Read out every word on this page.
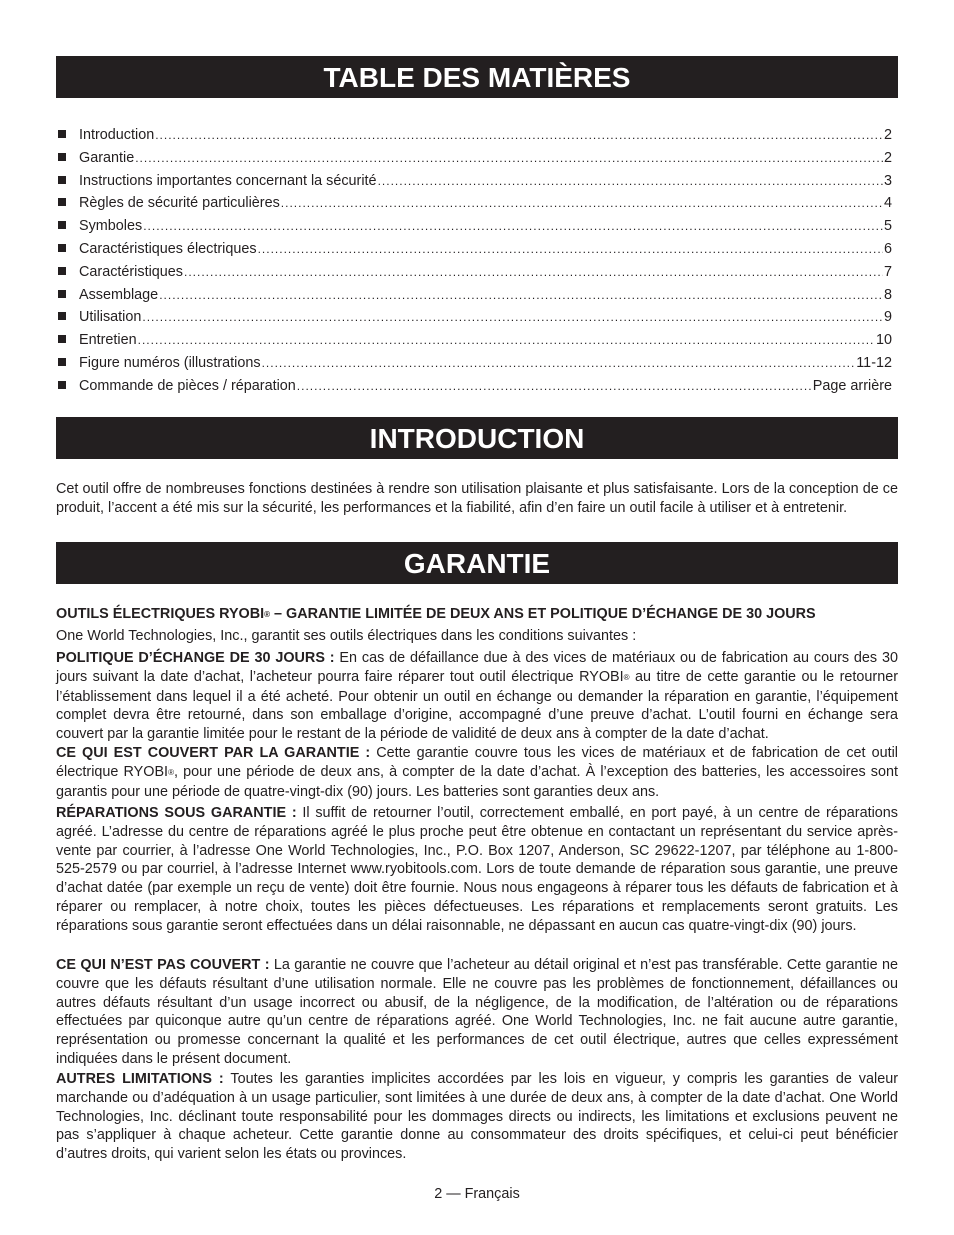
TABLE DES MATIÈRES
Introduction .....	2
Garantie .....	2
Instructions importantes concernant la sécurité .....	3
Règles de sécurité particulières .....	4
Symboles .....	5
Caractéristiques électriques .....	6
Caractéristiques .....	7
Assemblage .....	8
Utilisation .....	9
Entretien .....	10
Figure numéros (illustrations .....	11-12
Commande de pièces / réparation .....	Page arrière
INTRODUCTION

Cet outil offre de nombreuses fonctions destinées à rendre son utilisation plaisante et plus satisfaisante. Lors de la conception de ce produit, l’accent a été mis sur la sécurité, les performances et la fiabilité, afin d’en faire un outil facile à utiliser et à entretenir.

GARANTIE

OUTILS ÉLECTRIQUES RYOBI® – GARANTIE LIMITÉE DE DEUX ANS ET POLITIQUE D’ÉCHANGE DE 30 JOURS

One World Technologies, Inc., garantit ses outils électriques dans les conditions suivantes :

POLITIQUE D’ÉCHANGE DE 30 JOURS : En cas de défaillance due à des vices de matériaux ou de fabrication au cours des 30 jours suivant la date d’achat, l’acheteur pourra faire réparer tout outil électrique RYOBI® au titre de cette garantie ou le retourner l’établissement dans lequel il a été acheté. Pour obtenir un outil en échange ou demander la réparation en garantie, l’équipement complet devra être retourné, dans son emballage d’origine, accompagné d’une preuve d’achat. L’outil fourni en échange sera couvert par la garantie limitée pour le restant de la période de validité de deux ans à compter de la date d’achat.

CE QUI EST COUVERT PAR LA GARANTIE : Cette garantie couvre tous les vices de matériaux et de fabrication de cet outil électrique RYOBI®, pour une période de deux ans, à compter de la date d’achat. À l’exception des batteries, les accessoires sont garantis pour une période de quatre-vingt-dix (90) jours. Les batteries sont garanties deux ans.

RÉPARATIONS SOUS GARANTIE : Il suffit de retourner l’outil, correctement emballé, en port payé, à un centre de réparations agréé. L’adresse du centre de réparations agréé le plus proche peut être obtenue en contactant un représentant du service après-vente par courrier, à l’adresse One World Technologies, Inc., P.O. Box 1207, Anderson, SC 29622-1207, par téléphone au 1-800-525-2579 ou par courriel, à l’adresse Internet www.ryobitools.com. Lors de toute demande de réparation sous garantie, une preuve d’achat datée (par exemple un reçu de vente) doit être fournie. Nous nous engageons à réparer tous les défauts de fabrication et à réparer ou remplacer, à notre choix, toutes les pièces défectueuses. Les réparations et remplacements seront gratuits. Les réparations sous garantie seront effectuées dans un délai raisonnable, ne dépassant en aucun cas quatre-vingt-dix (90) jours.

CE QUI N’EST PAS COUVERT : La garantie ne couvre que l’acheteur au détail original et n’est pas transférable. Cette garantie ne couvre que les défauts résultant d’une utilisation normale. Elle ne couvre pas les problèmes de fonctionnement, défaillances ou autres défauts résultant d’un usage incorrect ou abusif, de la négligence, de la modification, de l’altération ou de réparations effectuées par quiconque autre qu’un centre de réparations agréé. One World Technologies, Inc. ne fait aucune autre garantie, représentation ou promesse concernant la qualité et les performances de cet outil électrique, autres que celles expressément indiquées dans le présent document.

AUTRES LIMITATIONS : Toutes les garanties implicites accordées par les lois en vigueur, y compris les garanties de valeur marchande ou d’adéquation à un usage particulier, sont limitées à une durée de deux ans, à compter de la date d’achat. One World Technologies, Inc. déclinant toute responsabilité pour les dommages directs ou indirects, les limitations et exclusions peuvent ne pas s’appliquer à chaque acheteur. Cette garantie donne au consommateur des droits spécifiques, et celui-ci peut bénéficier d’autres droits, qui varient selon les états ou provinces.

2 — Français
